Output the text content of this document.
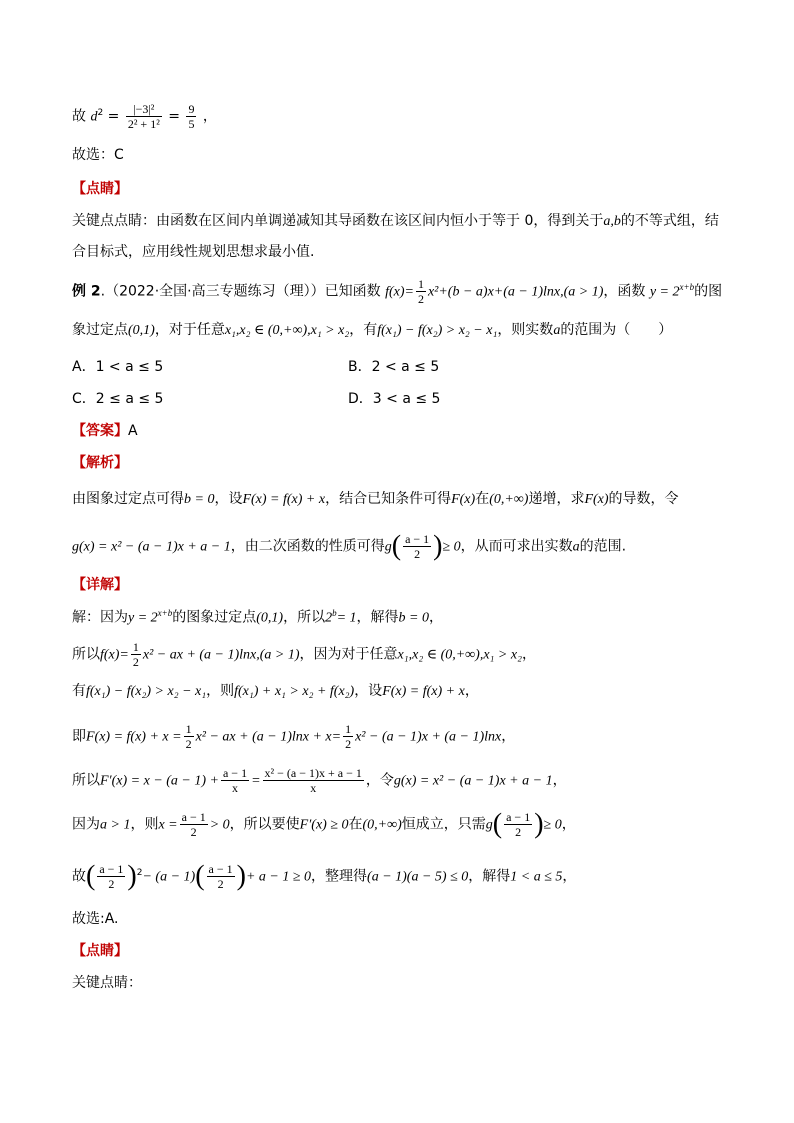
故 $d^2 = \frac{\text{|−3|²}}{\text{2² + 1²}} = \frac{9}{5}$ ，
故选：C
【点睛】
关键点点睛：由函数在区间内单调递减知其导函数在该区间内恒小于等于 0，得到关于a,b的不等式组，结
合目标式，应用线性规划思想求最小值.
例 2.（2022·全国·高三专题练习（理））已知函数 $f(x)= \frac{1}{2} x^2+(b - a)x+(a - 1)\ln x,(a > 1)$，函数 $y = 2^{x+b}$的图
象过定点(0,1)，对于任意x₁,x₂ ∈ (0,+∞),x₁ > x₂，有f(x₁) − f(x₂) > x₂ − x₁，则实数a的范围为（　　）
A．1 < a ≤ 5	B．2 < a ≤ 5
C．2 ≤ a ≤ 5	D．3 < a ≤ 5
【答案】A
【解析】
由图象过定点可得b = 0，设F(x) = f(x) + x，结合已知条件可得F(x)在(0,+∞)递增，求F(x)的导数，令
g(x) = x² − (a − 1)x + a − 1，由二次函数的性质可得$g( \frac{a - 1}{2}$ )≥ 0，从而可求出实数a的范围.
【详解】
解：因为$y = 2^{x+b}$的图象过定点(0,1)，所以$2^b= 1$，解得b = 0，
所以$f(x)= \frac{1}{2} x^2$ − ax + (a − 1)lnx,(a > 1)，因为对于任意x₁,x₂ ∈ (0,+∞),x₁ > x₂，
有f(x₁) − f(x₂) > x₂ − x₁，则f(x₁) + x₁ > x₂ + f(x₂)，设F(x) = f(x) + x，
即$F(x) = f(x) + x = \frac{1}{2} x^2$ − ax + $(a - 1)\ln x + x= \frac{1}{2} x^2 - (a - 1)x + (a - 1)\ln x$，
所以$F'(x) = x - (a - 1) + \frac{a - 1}{x} = \frac{\text{x² − (a − 1)x + a − 1}}{x}$ ，令g(x) = x² − (a − 1)x + a − 1，
因为a > 1，则$x = \frac{a - 1}{2} > 0$，所以要使F′(x) ≥ 0在(0,+∞)恒成立，只需$g( \frac{a - 1}{2}$ )≥ 0，
故( $\frac{a - 1}{2} )^2- (a - 1)( \frac{a - 1}{2}$ )+ a − 1 ≥ 0，整理得(a − 1)(a − 5) ≤ 0，解得1 < a ≤ 5，
故选:A.
【点睛】
关键点睛：
